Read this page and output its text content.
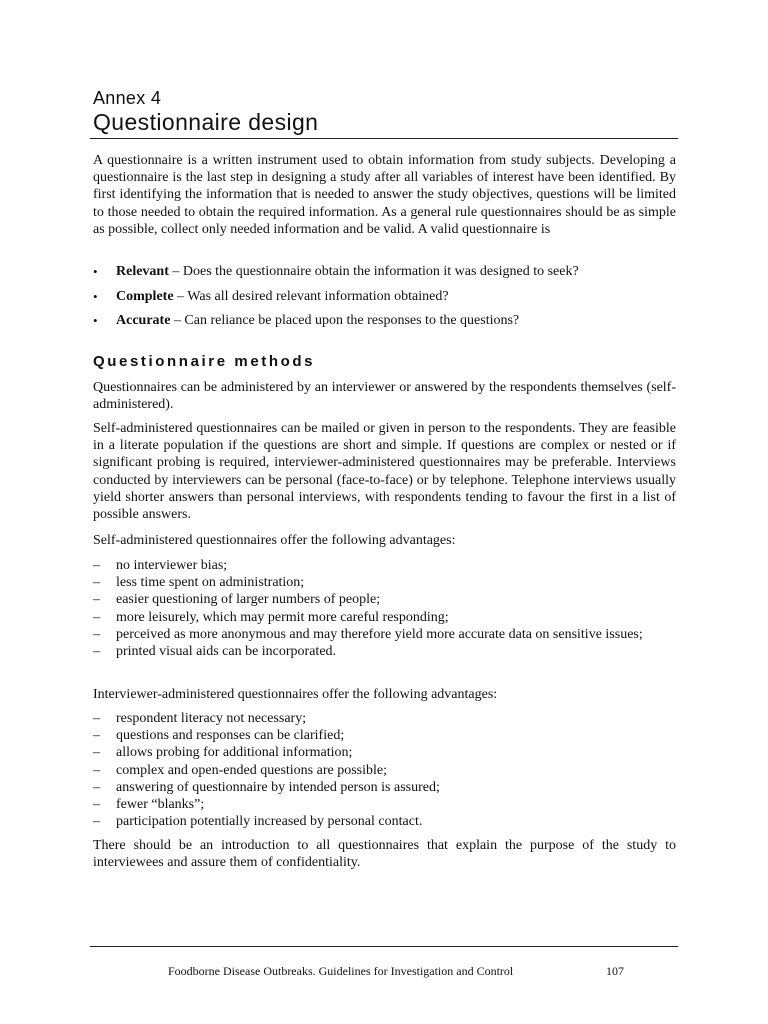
Annex 4
Questionnaire design

A questionnaire is a written instrument used to obtain information from study subjects. Developing a questionnaire is the last step in designing a study after all variables of interest have been identified. By first identifying the information that is needed to answer the study objectives, questions will be limited to those needed to obtain the required information. As a general rule questionnaires should be as simple as possible, collect only needed information and be valid. A valid questionnaire is

• Relevant – Does the questionnaire obtain the information it was designed to seek?
• Complete – Was all desired relevant information obtained?
• Accurate – Can reliance be placed upon the responses to the questions?
Questionnaire methods

Questionnaires can be administered by an interviewer or answered by the respondents themselves (self-administered).

Self-administered questionnaires can be mailed or given in person to the respondents. They are feasible in a literate population if the questions are short and simple. If questions are complex or nested or if significant probing is required, interviewer-administered questionnaires may be preferable. Interviews conducted by interviewers can be personal (face-to-face) or by telephone. Telephone interviews usually yield shorter answers than personal interviews, with respondents tending to favour the first in a list of possible answers.

Self-administered questionnaires offer the following advantages:

– no interviewer bias;
– less time spent on administration;
– easier questioning of larger numbers of people;
– more leisurely, which may permit more careful responding;
– perceived as more anonymous and may therefore yield more accurate data on sensitive issues;
– printed visual aids can be incorporated.

Interviewer-administered questionnaires offer the following advantages:

– respondent literacy not necessary;
– questions and responses can be clarified;
– allows probing for additional information;
– complex and open-ended questions are possible;
– answering of questionnaire by intended person is assured;
– fewer “blanks”;
– participation potentially increased by personal contact.

There should be an introduction to all questionnaires that explain the purpose of the study to interviewees and assure them of confidentiality.

Foodborne Disease Outbreaks. Guidelines for Investigation and Control	107
